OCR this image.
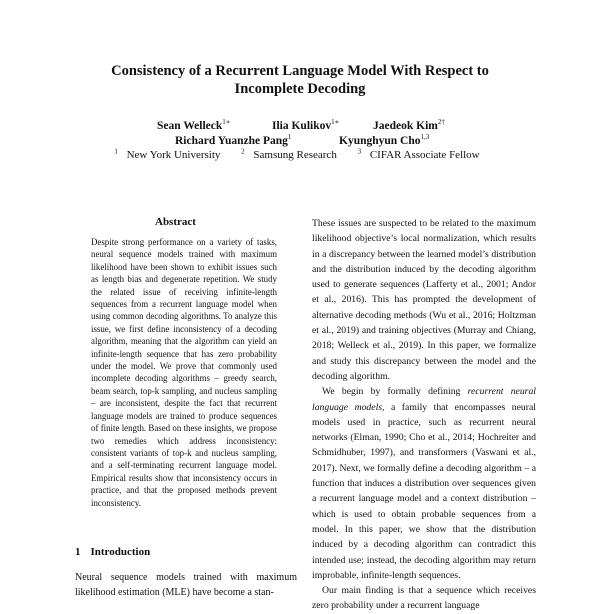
Consistency of a Recurrent Language Model With Respect to
Incomplete Decoding
Sean Welleck$^{1∗}$	Ilia Kulikov$^{1∗}$	Jaedeok Kim$^{2\dagger}$
Richard Yuanzhe Pang$^1$	Kyunghyun Cho$^{1,3}$
$^1$ New York University	$^2$ Samsung Research	$^3$ CIFAR Associate Fellow
Abstract
Despite strong performance on a variety of tasks, neural sequence models trained with maximum likelihood have been shown to exhibit issues such as length bias and degenerate repetition. We study the related issue of receiving infinite-length sequences from a recurrent language model when using common decoding algorithms. To analyze this issue, we first define inconsistency of a decoding algorithm, meaning that the algorithm can yield an infinite-length sequence that has zero probability under the model. We prove that commonly used incomplete decoding algorithms – greedy search, beam search, top-k sampling, and nucleus sampling – are inconsistent, despite the fact that recurrent language models are trained to produce sequences of finite length. Based on these insights, we propose two remedies which address inconsistency: consistent variants of top-k and nucleus sampling, and a self-terminating recurrent language model. Empirical results show that inconsistency occurs in practice, and that the proposed methods prevent inconsistency.
1 Introduction
Neural sequence models trained with maximum likelihood estimation (MLE) have become a stan-

These issues are suspected to be related to the maximum likelihood objective’s local normalization, which results in a discrepancy between the learned model’s distribution and the distribution induced by the decoding algorithm used to generate sequences (Lafferty et al., 2001; Andor et al., 2016). This has prompted the development of alternative decoding methods (Wu et al., 2016; Holtzman et al., 2019) and training objectives (Murray and Chiang, 2018; Welleck et al., 2019). In this paper, we formalize and study this discrepancy between the model and the decoding algorithm.

We begin by formally defining recurrent neural language models, a family that encompasses neural models used in practice, such as recurrent neural networks (Elman, 1990; Cho et al., 2014; Hochreiter and Schmidhuber, 1997), and transformers (Vaswani et al., 2017). Next, we formally define a decoding algorithm – a function that induces a distribution over sequences given a recurrent language model and a context distribution – which is used to obtain probable sequences from a model. In this paper, we show that the distribution induced by a decoding algorithm can contradict this intended use; instead, the decoding algorithm may return improbable, infinite-length sequences.

Our main finding is that a sequence which receives zero probability under a recurrent language
